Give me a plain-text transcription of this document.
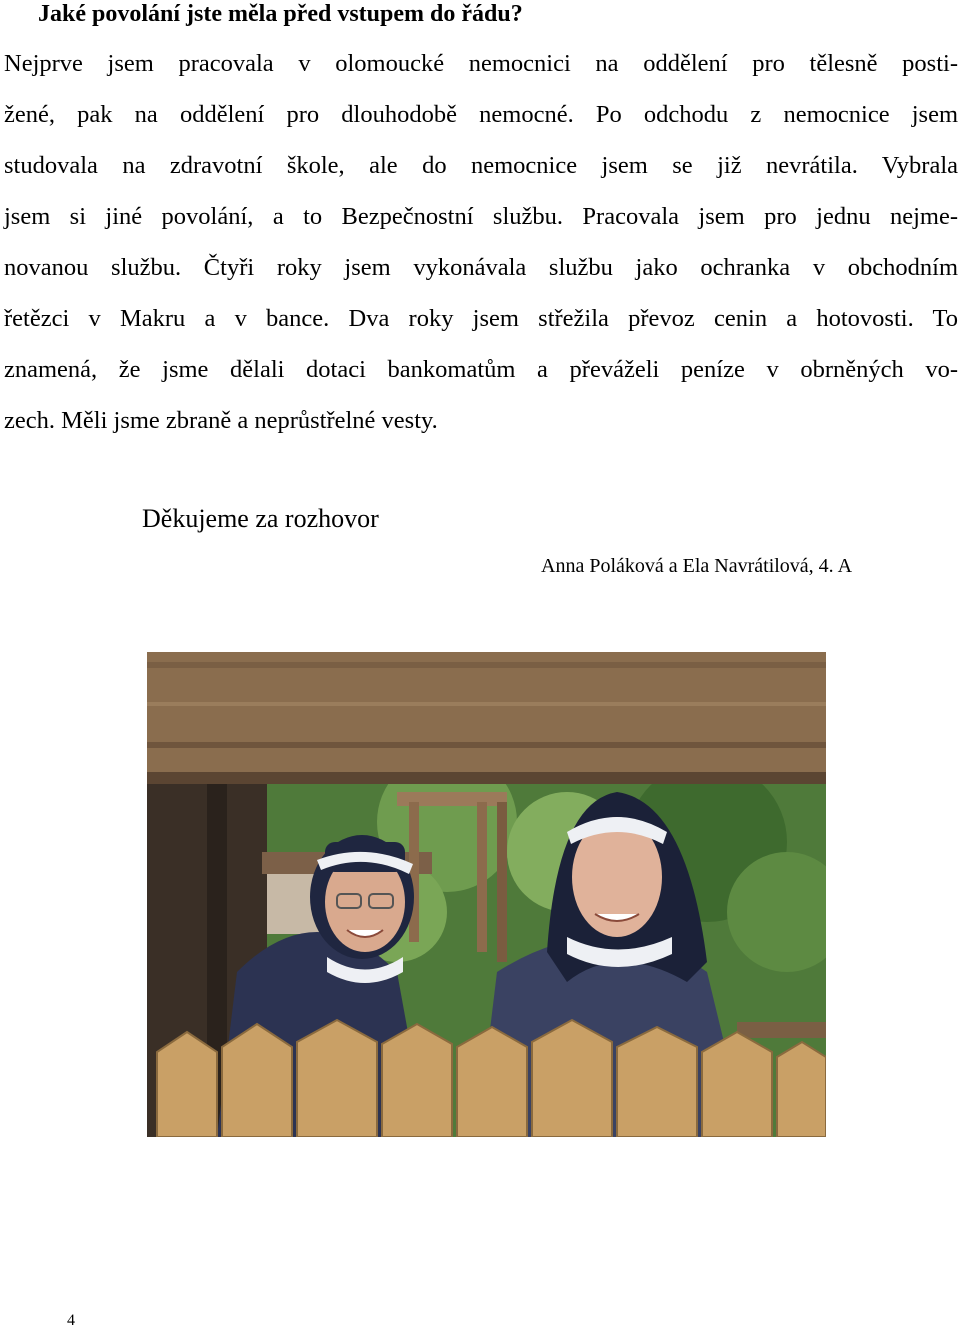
Jaké povolání jste měla před vstupem do řádu?
Nejprve jsem pracovala v olomoucké nemocnici na oddělení pro tělesně posti-
žené, pak na oddělení pro dlouhodobě nemocné. Po odchodu z nemocnice jsem
studovala na zdravotní škole, ale do nemocnice jsem se již nevrátila. Vybrala
jsem si jiné povolání, a to Bezpečnostní službu. Pracovala jsem pro jednu nejme-
novanou službu. Čtyři roky jsem vykonávala službu jako ochranka v obchodním
řetězci v Makru a v bance. Dva roky jsem střežila převoz cenin a hotovosti. To
znamená, že jsme dělali dotaci bankomatům a převáželi peníze v obrněných vo-
zech. Měli jsme zbraně a neprůstřelné vesty.
Děkujeme za rozhovor
Anna Poláková a Ela Navrátilová, 4. A
4
